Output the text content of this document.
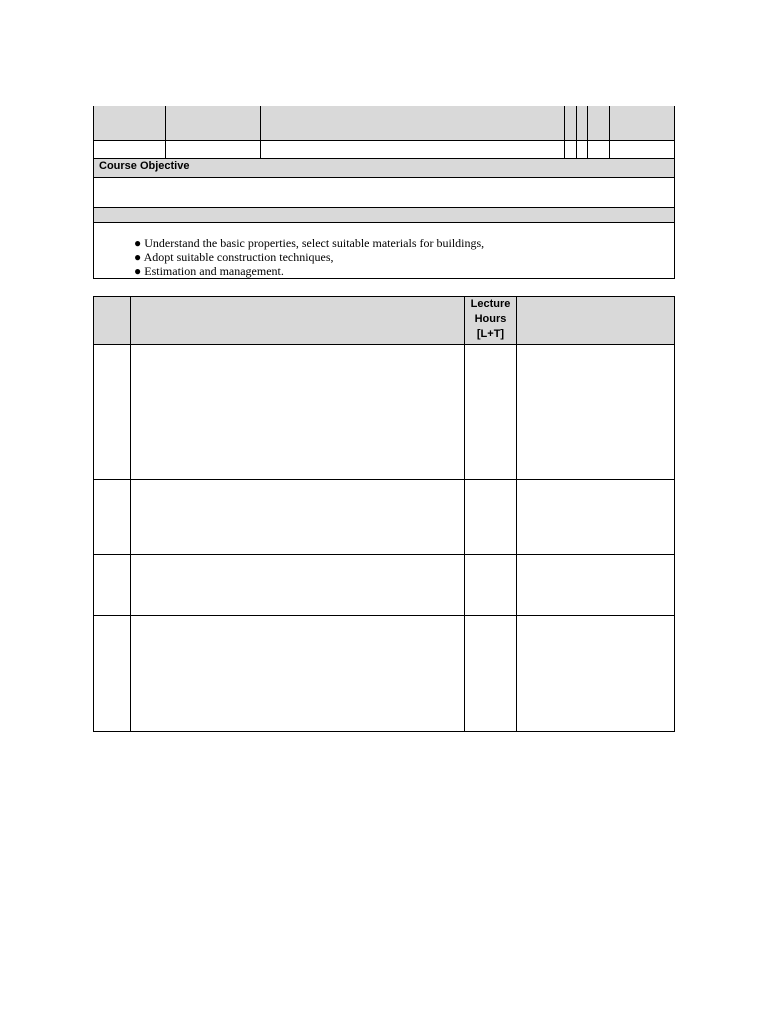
Course Objective
● Understand the basic properties, select suitable materials for buildings,
● Adopt suitable construction techniques,
● Estimation and management.
Lecture
Hours
[L+T]
